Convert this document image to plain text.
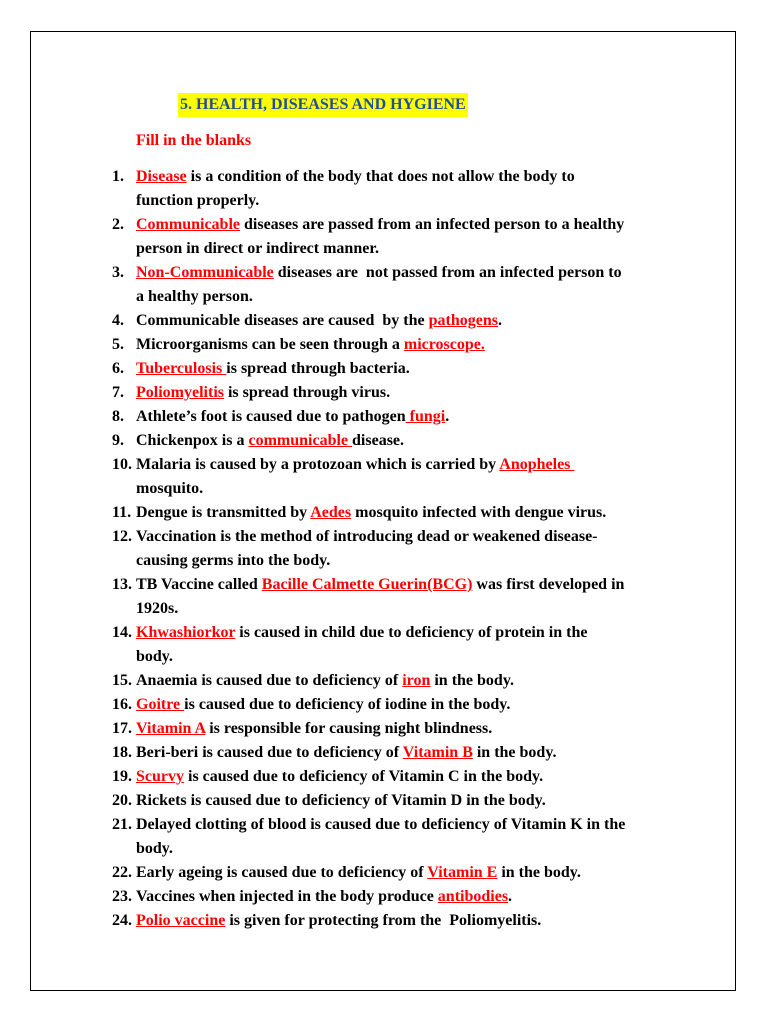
5. HEALTH, DISEASES AND HYGIENE
Fill in the blanks
1. Disease is a condition of the body that does not allow the body to
function properly.
2. Communicable diseases are passed from an infected person to a healthy
person in direct or indirect manner.
3. Non-Communicable diseases are  not passed from an infected person to
a healthy person.
4. Communicable diseases are caused  by the pathogens.
5. Microorganisms can be seen through a microscope.
6. Tuberculosis is spread through bacteria.
7. Poliomyelitis is spread through virus.
8. Athlete’s foot is caused due to pathogen fungi.
9. Chickenpox is a communicable disease.
10. Malaria is caused by a protozoan which is carried by Anopheles
mosquito.
11. Dengue is transmitted by Aedes mosquito infected with dengue virus.
12. Vaccination is the method of introducing dead or weakened disease-
causing germs into the body.
13. TB Vaccine called Bacille Calmette Guerin(BCG) was first developed in
1920s.
14. Khwashiorkor is caused in child due to deficiency of protein in the
body.
15. Anaemia is caused due to deficiency of iron in the body.
16. Goitre is caused due to deficiency of iodine in the body.
17. Vitamin A is responsible for causing night blindness.
18. Beri-beri is caused due to deficiency of Vitamin B in the body.
19. Scurvy is caused due to deficiency of Vitamin C in the body.
20. Rickets is caused due to deficiency of Vitamin D in the body.
21. Delayed clotting of blood is caused due to deficiency of Vitamin K in the
body.
22. Early ageing is caused due to deficiency of Vitamin E in the body.
23. Vaccines when injected in the body produce antibodies.
24. Polio vaccine is given for protecting from the  Poliomyelitis.
